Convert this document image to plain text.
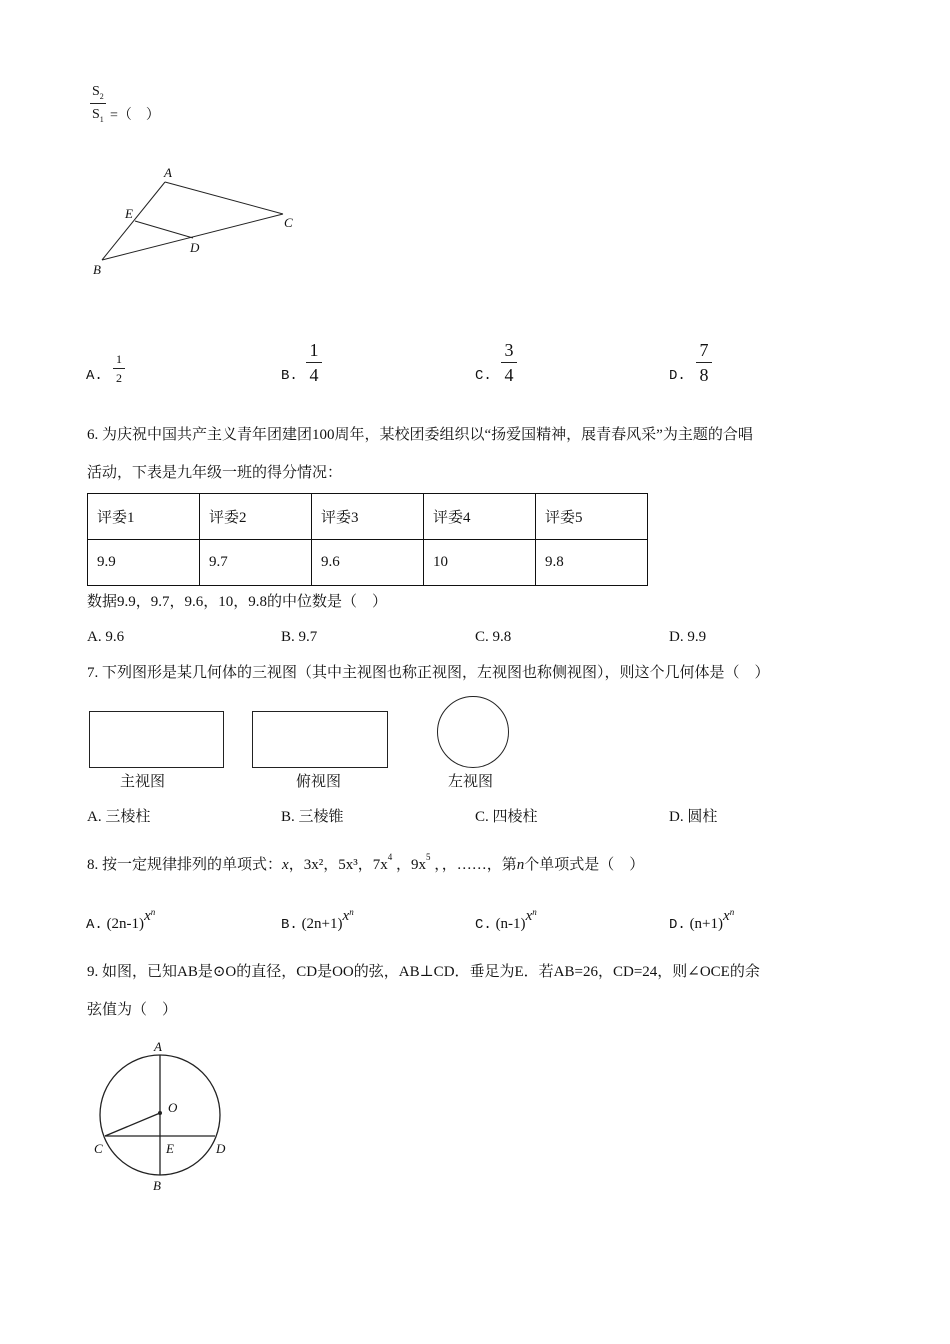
$S_2$
$S_1$ =（　）
A
E
C
D
B
A.
1
2	B.
1
4	C.
3
4	D.
7
8
6. 为庆祝中国共产主义青年团建团100周年，某校团委组织以“扬爱国精神，展青春风采”为主题的合唱
活动，下表是九年级一班的得分情况：
评委1	评委2	评委3	评委4	评委5
9.9	9.7	9.6	10	9.8
数据9.9，9.7，9.6，10，9.8的中位数是（　）
A. 9.6	B. 9.7	C. 9.8	D. 9.9
7. 下列图形是某几何体的三视图（其中主视图也称正视图，左视图也称侧视图），则这个几何体是（　）
主视图	俯视图	左视图
A. 三棱柱	B. 三棱锥	C. 四棱柱	D. 圆柱
8. 按一定规律排列的单项式：x，3x²，5x³，$7x^4$ ，$9x^5$ ，，……，第n个单项式是（　）
A. $(2n-1)x^n$
B. $(2n+1)x^n$
C. $(n-1)x^n$
D. $(n+1)x^n$
9. 如图，已知AB是⊙O的直径，CD是OO的弦，AB⊥CD．垂足为E．若AB=26，CD=24，则∠OCE的余
弦值为（　）
A
O
C	E	D
B
